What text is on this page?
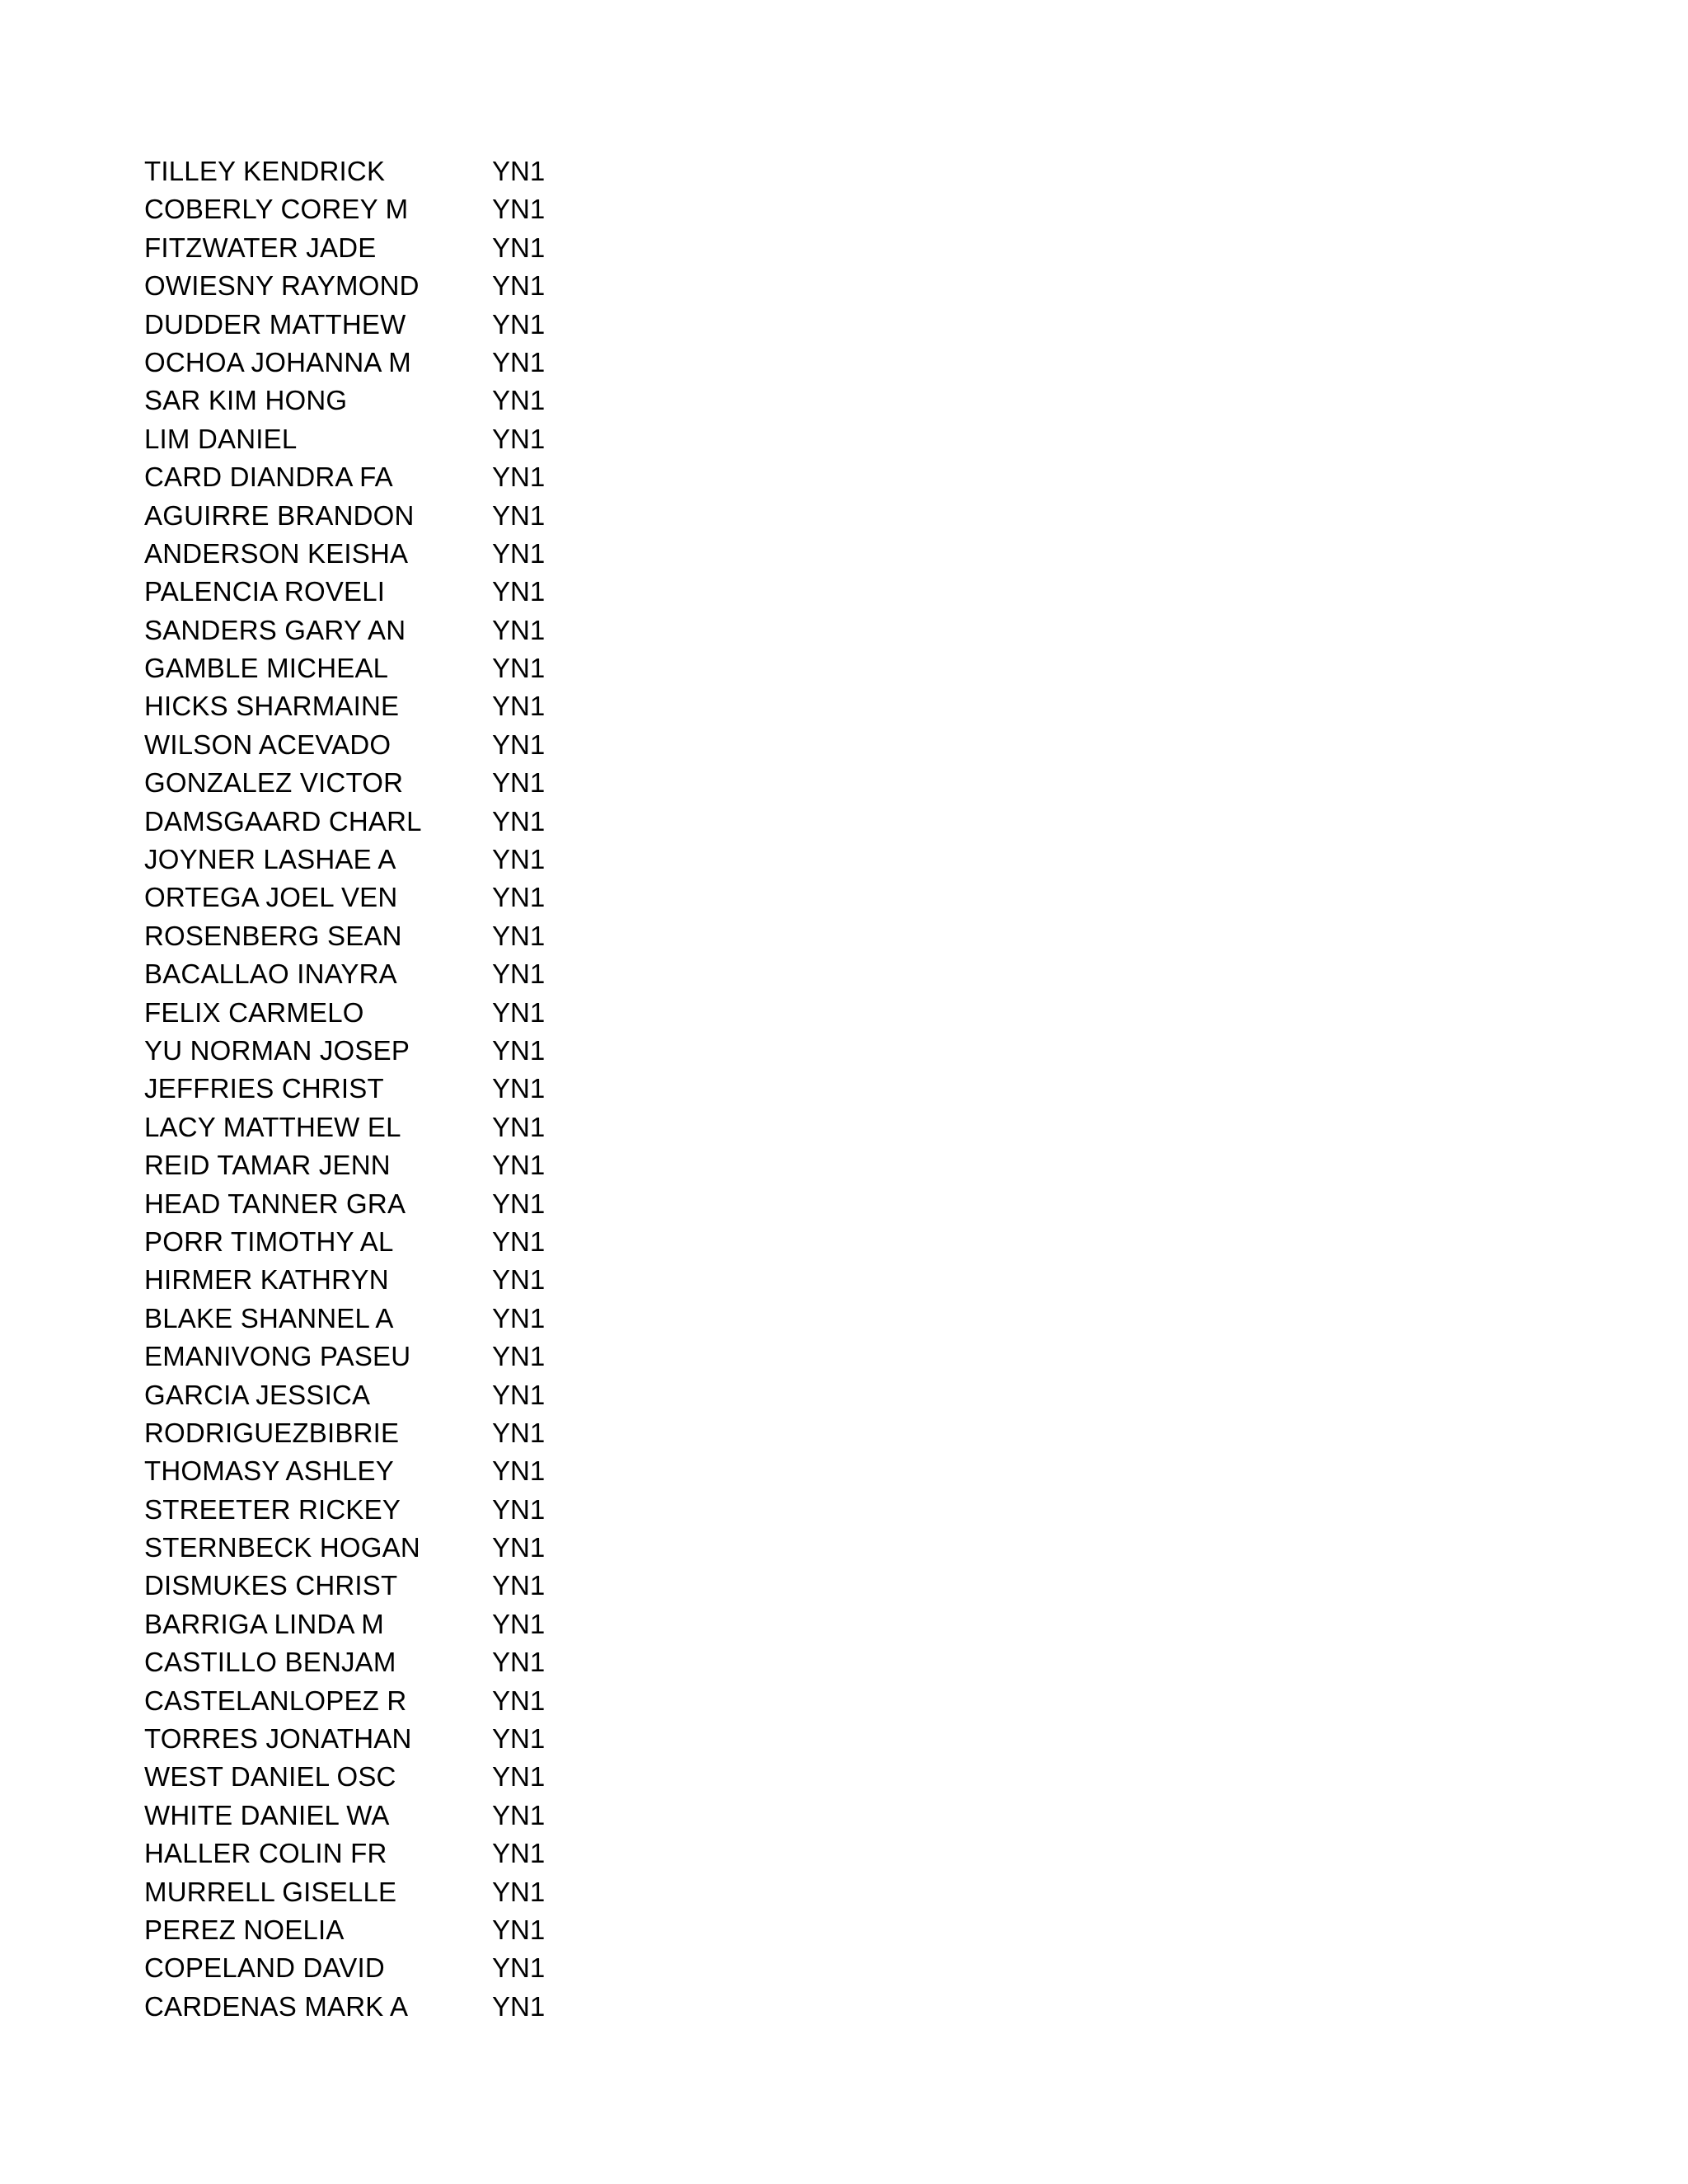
TILLEY KENDRICK	YN1
COBERLY COREY M	YN1
FITZWATER JADE	YN1
OWIESNY RAYMOND	YN1
DUDDER MATTHEW	YN1
OCHOA JOHANNA M	YN1
SAR KIM HONG	YN1
LIM DANIEL	YN1
CARD DIANDRA FA	YN1
AGUIRRE BRANDON	YN1
ANDERSON KEISHA	YN1
PALENCIA ROVELI	YN1
SANDERS GARY AN	YN1
GAMBLE MICHEAL	YN1
HICKS SHARMAINE	YN1
WILSON ACEVADO	YN1
GONZALEZ VICTOR	YN1
DAMSGAARD CHARL	YN1
JOYNER LASHAE A	YN1
ORTEGA JOEL VEN	YN1
ROSENBERG SEAN	YN1
BACALLAO INAYRA	YN1
FELIX CARMELO	YN1
YU NORMAN JOSEP	YN1
JEFFRIES CHRIST	YN1
LACY MATTHEW EL	YN1
REID TAMAR JENN	YN1
HEAD TANNER GRA	YN1
PORR TIMOTHY AL	YN1
HIRMER KATHRYN	YN1
BLAKE SHANNEL A	YN1
EMANIVONG PASEU	YN1
GARCIA JESSICA	YN1
RODRIGUEZBIBRIE	YN1
THOMASY ASHLEY	YN1
STREETER RICKEY	YN1
STERNBECK HOGAN	YN1
DISMUKES CHRIST	YN1
BARRIGA LINDA M	YN1
CASTILLO BENJAM	YN1
CASTELANLOPEZ R	YN1
TORRES JONATHAN	YN1
WEST DANIEL OSC	YN1
WHITE DANIEL WA	YN1
HALLER COLIN FR	YN1
MURRELL GISELLE	YN1
PEREZ NOELIA	YN1
COPELAND DAVID	YN1
CARDENAS MARK A	YN1
